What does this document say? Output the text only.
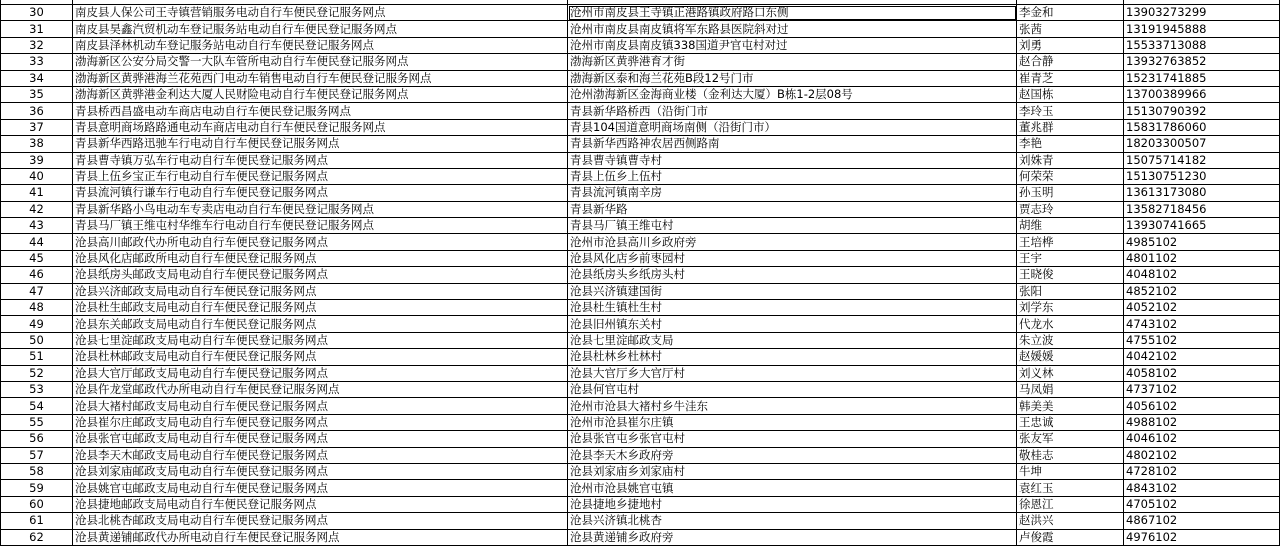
30	南皮县人保公司王寺镇营销服务电动自行车便民登记服务网点	沧州市南皮县王寺镇正港路镇政府路口东侧	李金和	13903273299
31	南皮县昊鑫汽贸机动车登记服务站电动自行车便民登记服务网点	沧州市南皮县南皮镇将军东路县医院斜对过	张茜	13191945888
32	南皮县泽林机动车登记服务站电动自行车便民登记服务网点	沧州市南皮县南皮镇338国道尹官屯村对过	刘勇	15533713088
33	渤海新区公安分局交警一大队车管所电动自行车便民登记服务网点	渤海新区黄骅港育才街	赵合静	13932763852
34	渤海新区黄骅港海兰花苑西门电动车销售电动自行车便民登记服务网点	渤海新区泰和海兰花苑B段12号门市	崔青芝	15231741885
35	渤海新区黄骅港金利达大厦人民财险电动自行车便民登记服务网点	沧州渤海新区金海商业楼（金利达大厦）B栋1-2层08号	赵国栋	13700389966
36	青县桥西昌盛电动车商店电动自行车便民登记服务网点	青县新华路桥西（沿街门市	李玲玉	15130790392
37	青县意明商场路路通电动车商店电动自行车便民登记服务网点	青县104国道意明商场南侧（沿街门市）	董兆群	15831786060
38	青县新华西路迅驰车行电动自行车便民登记服务网点	青县新华西路神农居西侧路南	李艳	18203300507
39	青县曹寺镇万弘车行电动自行车便民登记服务网点	青县曹寺镇曹寺村	刘姝青	15075714182
40	青县上伍乡宝正车行电动自行车便民登记服务网点	青县上伍乡上伍村	何荣荣	15130751230
41	青县流河镇行谦车行电动自行车便民登记服务网点	青县流河镇南辛房	孙玉明	13613173080
42	青县新华路小鸟电动车专卖店电动自行车便民登记服务网点	青县新华路	贾志玲	13582718456
43	青县马厂镇王维屯村华维车行电动自行车便民登记服务网点	青县马厂镇王维屯村	胡维	13930741665
44	沧县高川邮政代办所电动自行车便民登记服务网点	沧州市沧县高川乡政府旁	王培桦	4985102
45	沧县风化店邮政所电动自行车便民登记服务网点	沧县风化店乡前枣园村	王宇	4801102
46	沧县纸房头邮政支局电动自行车便民登记服务网点	沧县纸房头乡纸房头村	王晓俊	4048102
47	沧县兴济邮政支局电动自行车便民登记服务网点	沧县兴济镇建国街	张阳	4852102
48	沧县杜生邮政支局电动自行车便民登记服务网点	沧县杜生镇杜生村	刘学东	4052102
49	沧县东关邮政支局电动自行车便民登记服务网点	沧县旧州镇东关村	代龙水	4743102
50	沧县七里淀邮政支局电动自行车便民登记服务网点	沧县七里淀邮政支局	朱立波	4755102
51	沧县杜林邮政支局电动自行车便民登记服务网点	沧县杜林乡杜林村	赵媛媛	4042102
52	沧县大官厅邮政支局电动自行车便民登记服务网点	沧县大官厅乡大官厅村	刘义林	4058102
53	沧县仵龙堂邮政代办所电动自行车便民登记服务网点	沧县何官屯村	马凤娟	4737102
54	沧县大褚村邮政支局电动自行车便民登记服务网点	沧州市沧县大褚村乡牛洼东	韩美美	4056102
55	沧县崔尔庄邮政支局电动自行车便民登记服务网点	沧州市沧县崔尔庄镇	王忠诚	4988102
56	沧县张官屯邮政支局电动自行车便民登记服务网点	沧县张官屯乡张官屯村	张友军	4046102
57	沧县李天木邮政支局电动自行车便民登记服务网点	沧县李天木乡政府旁	敬桂志	4802102
58	沧县刘家庙邮政支局电动自行车便民登记服务网点	沧县刘家庙乡刘家庙村	牛坤	4728102
59	沧县姚官屯邮政支局电动自行车便民登记服务网点	沧州市沧县姚官屯镇	袁红玉	4843102
60	沧县捷地邮政支局电动自行车便民登记服务网点	沧县捷地乡捷地村	徐恩江	4705102
61	沧县北桃杏邮政支局电动自行车便民登记服务网点	沧县兴济镇北桃杏	赵洪兴	4867102
62	沧县黄递铺邮政代办所电动自行车便民登记服务网点	沧县黄递铺乡政府旁	卢俊霞	4976102
